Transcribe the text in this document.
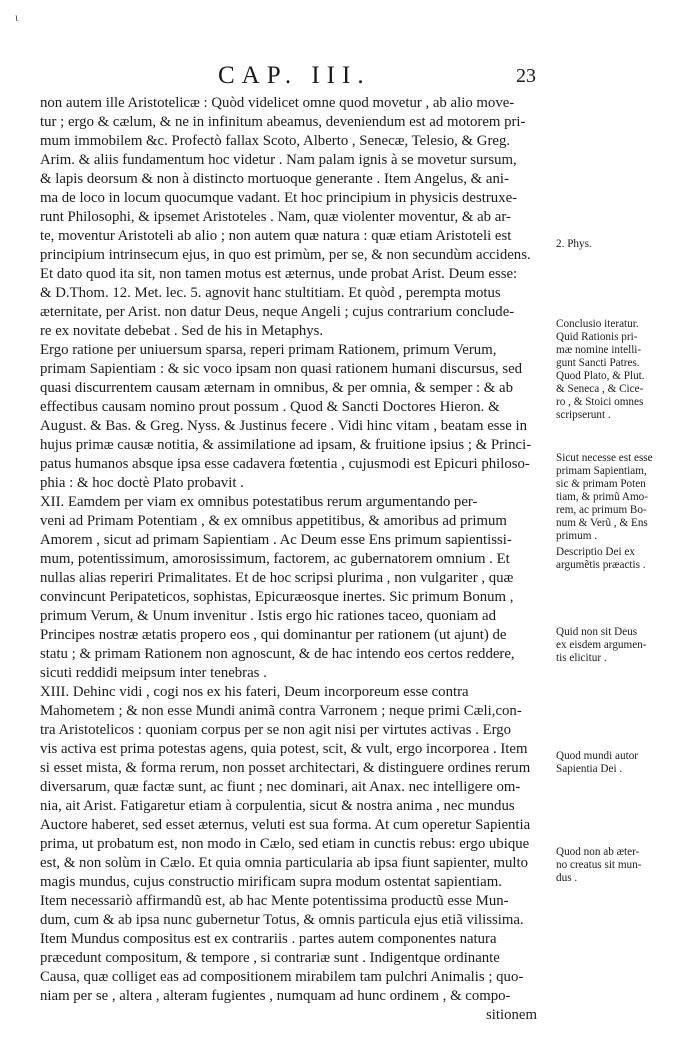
ɩ
CAP. III.	23
non autem ille Aristotelicæ : Quòd videlicet omne quod movetur , ab alio move-
tur ; ergo & cælum, & ne in infinitum abeamus, deveniendum est ad motorem pri-
mum immobilem &c. Profectò fallax Scoto, Alberto , Senecæ, Telesio, & Greg.
Arim. & aliis fundamentum hoc videtur . Nam palam ignis à se movetur sursum,
& lapis deorsum & non à distincto mortuoque generante . Item Angelus, & ani-
ma de loco in locum quocumque vadant. Et hoc principium in physicis destruxe-
runt Philosophi, & ipsemet Aristoteles . Nam, quæ violenter moventur, & ab ar-
te, moventur Aristoteli ab alio ; non autem quæ natura : quæ etiam Aristoteli est
principium intrinsecum ejus, in quo est primùm, per se, & non secundùm accidens.
Et dato quod ita sit, non tamen motus est æternus, unde probat Arist. Deum esse:
& D.Thom. 12. Met. lec. 5. agnovit hanc stultitiam. Et quòd , perempta motus
æternitate, per Arist. non datur Deus, neque Angeli ; cujus contrarium conclude-
re ex novitate debebat . Sed de his in Metaphys.
Ergo ratione per uniuersum sparsa, reperi primam Rationem, primum Verum,
primam Sapientiam : & sic voco ipsam non quasi rationem humani discursus, sed
quasi discurrentem causam æternam in omnibus, & per omnia, & semper : & ab
effectibus causam nomino prout possum . Quod & Sancti Doctores Hieron. &
August. & Bas. & Greg. Nyss. & Justinus fecere . Vidi hinc vitam , beatam esse in
hujus primæ causæ notitia, & assimilatione ad ipsam, & fruitione ipsius ; & Princi-
patus humanos absque ipsa esse cadavera fœtentia , cujusmodi est Epicuri philoso-
phia : & hoc doctè Plato probavit .
XII. Eamdem per viam ex omnibus potestatibus rerum argumentando per-
veni ad Primam Potentiam , & ex omnibus appetitibus, & amoribus ad primum
Amorem , sicut ad primam Sapientiam . Ac Deum esse Ens primum sapientissi-
mum, potentissimum, amorosissimum, factorem, ac gubernatorem omnium . Et
nullas alias reperiri Primalitates. Et de hoc scripsi plurima , non vulgariter , quæ
convincunt Peripateticos, sophistas, Epicuræosque inertes. Sic primum Bonum ,
primum Verum, & Unum invenitur . Istis ergo hic rationes taceo, quoniam ad
Principes nostræ ætatis propero eos , qui dominantur per rationem (ut ajunt) de
statu ; & primam Rationem non agnoscunt, & de hac intendo eos certos reddere,
sicuti reddidi meipsum inter tenebras .
XIII. Dehinc vidi , cogi nos ex his fateri, Deum incorporeum esse contra
Mahometem ; & non esse Mundi animã contra Varronem ; neque primi Cæli,con-
tra Aristotelicos : quoniam corpus per se non agit nisi per virtutes activas . Ergo
vis activa est prima potestas agens, quia potest, scit, & vult, ergo incorporea . Item
si esset mista, & forma rerum, non posset architectari, & distinguere ordines rerum
diversarum, quæ factæ sunt, ac fiunt ; nec dominari, ait Anax. nec intelligere om-
nia, ait Arist. Fatigaretur etiam à corpulentia, sicut & nostra anima , nec mundus
Auctore haberet, sed esset æternus, veluti est sua forma. At cum operetur Sapientia
prima, ut probatum est, non modo in Cælo, sed etiam in cunctis rebus: ergo ubique
est, & non solùm in Cælo. Et quia omnia particularia ab ipsa fiunt sapienter, multo
magis mundus, cujus constructio mirificam supra modum ostentat sapientiam.
Item necessariò affirmandũ est, ab hac Mente potentissima productũ esse Mun-
dum, cum & ab ipsa nunc gubernetur Totus, & omnis particula ejus etiã vilissima.
Item Mundus compositus est ex contrariis . partes autem componentes natura
præcedunt compositum, & tempore , si contrariæ sunt . Indigentque ordinante
Causa, quæ colliget eas ad compositionem mirabilem tam pulchri Animalis ; quo-
niam per se , altera , alteram fugientes , numquam ad hunc ordinem , & compo-
sitionem
2. Phys.
Conclusio iteratur.
Quid Rationis pri-
mæ nomine intelli-
gunt Sancti Patres.
Quod Plato, & Plut.
& Seneca , & Cice-
ro , & Stoici omnes
scripserunt .
Sicut necesse est esse
primam Sapientiam,
sic & primam Poten
tiam, & primũ Amo-
rem, ac primum Bo-
num & Verũ , & Ens
primum .
Descriptio Dei ex
argumẽtis præactis .
Quid non sit Deus
ex eisdem argumen-
tis elicitur .
Quod mundi autor
Sapientia Dei .
Quod non ab æter-
no creatus sit mun-
dus .
